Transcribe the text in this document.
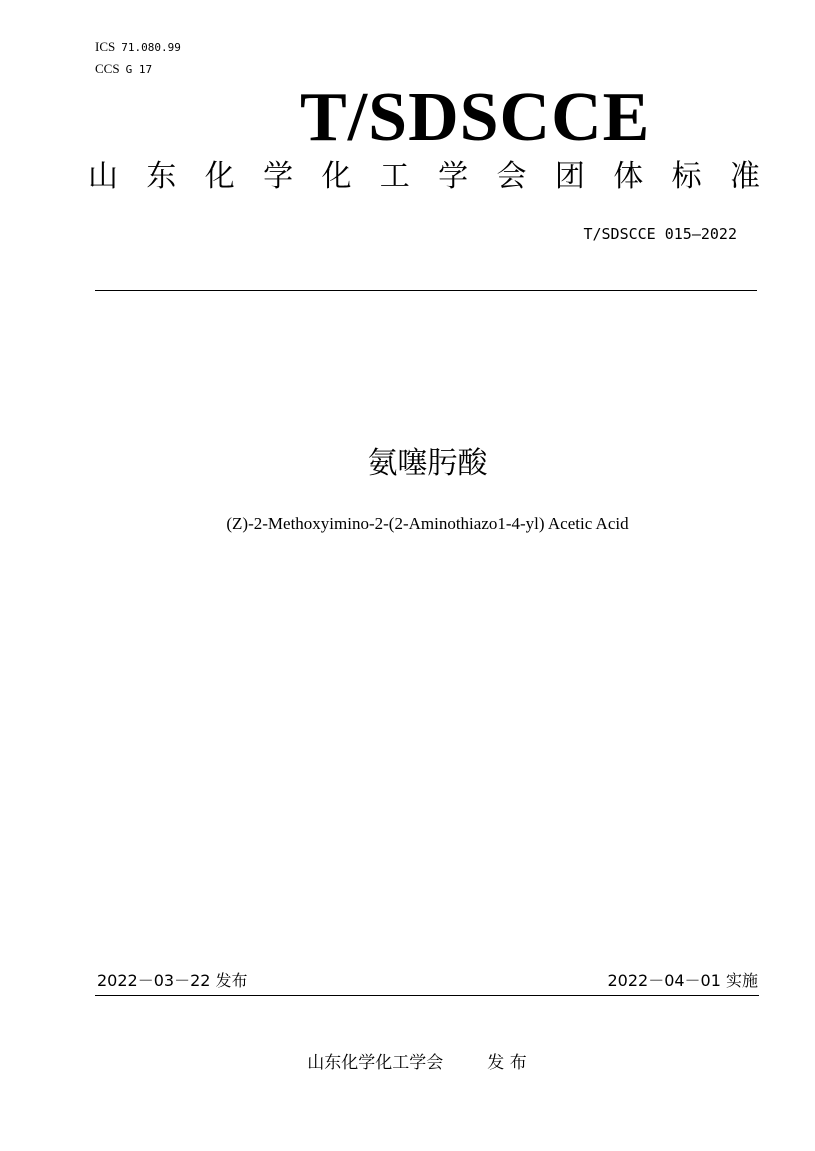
ICS 71.080.99
CCS G 17
T/SDSCCE
山 东 化 学 化 工 学 会 团 体 标 准
T/SDSCCE 015—2022
氨噻肟酸
(Z)-2-Methoxyimino-2-(2-Aminothiazo1-4-yl) Acetic Acid
2022－03－22 发布	2022－04－01 实施
山东化学化工学会	发 布
